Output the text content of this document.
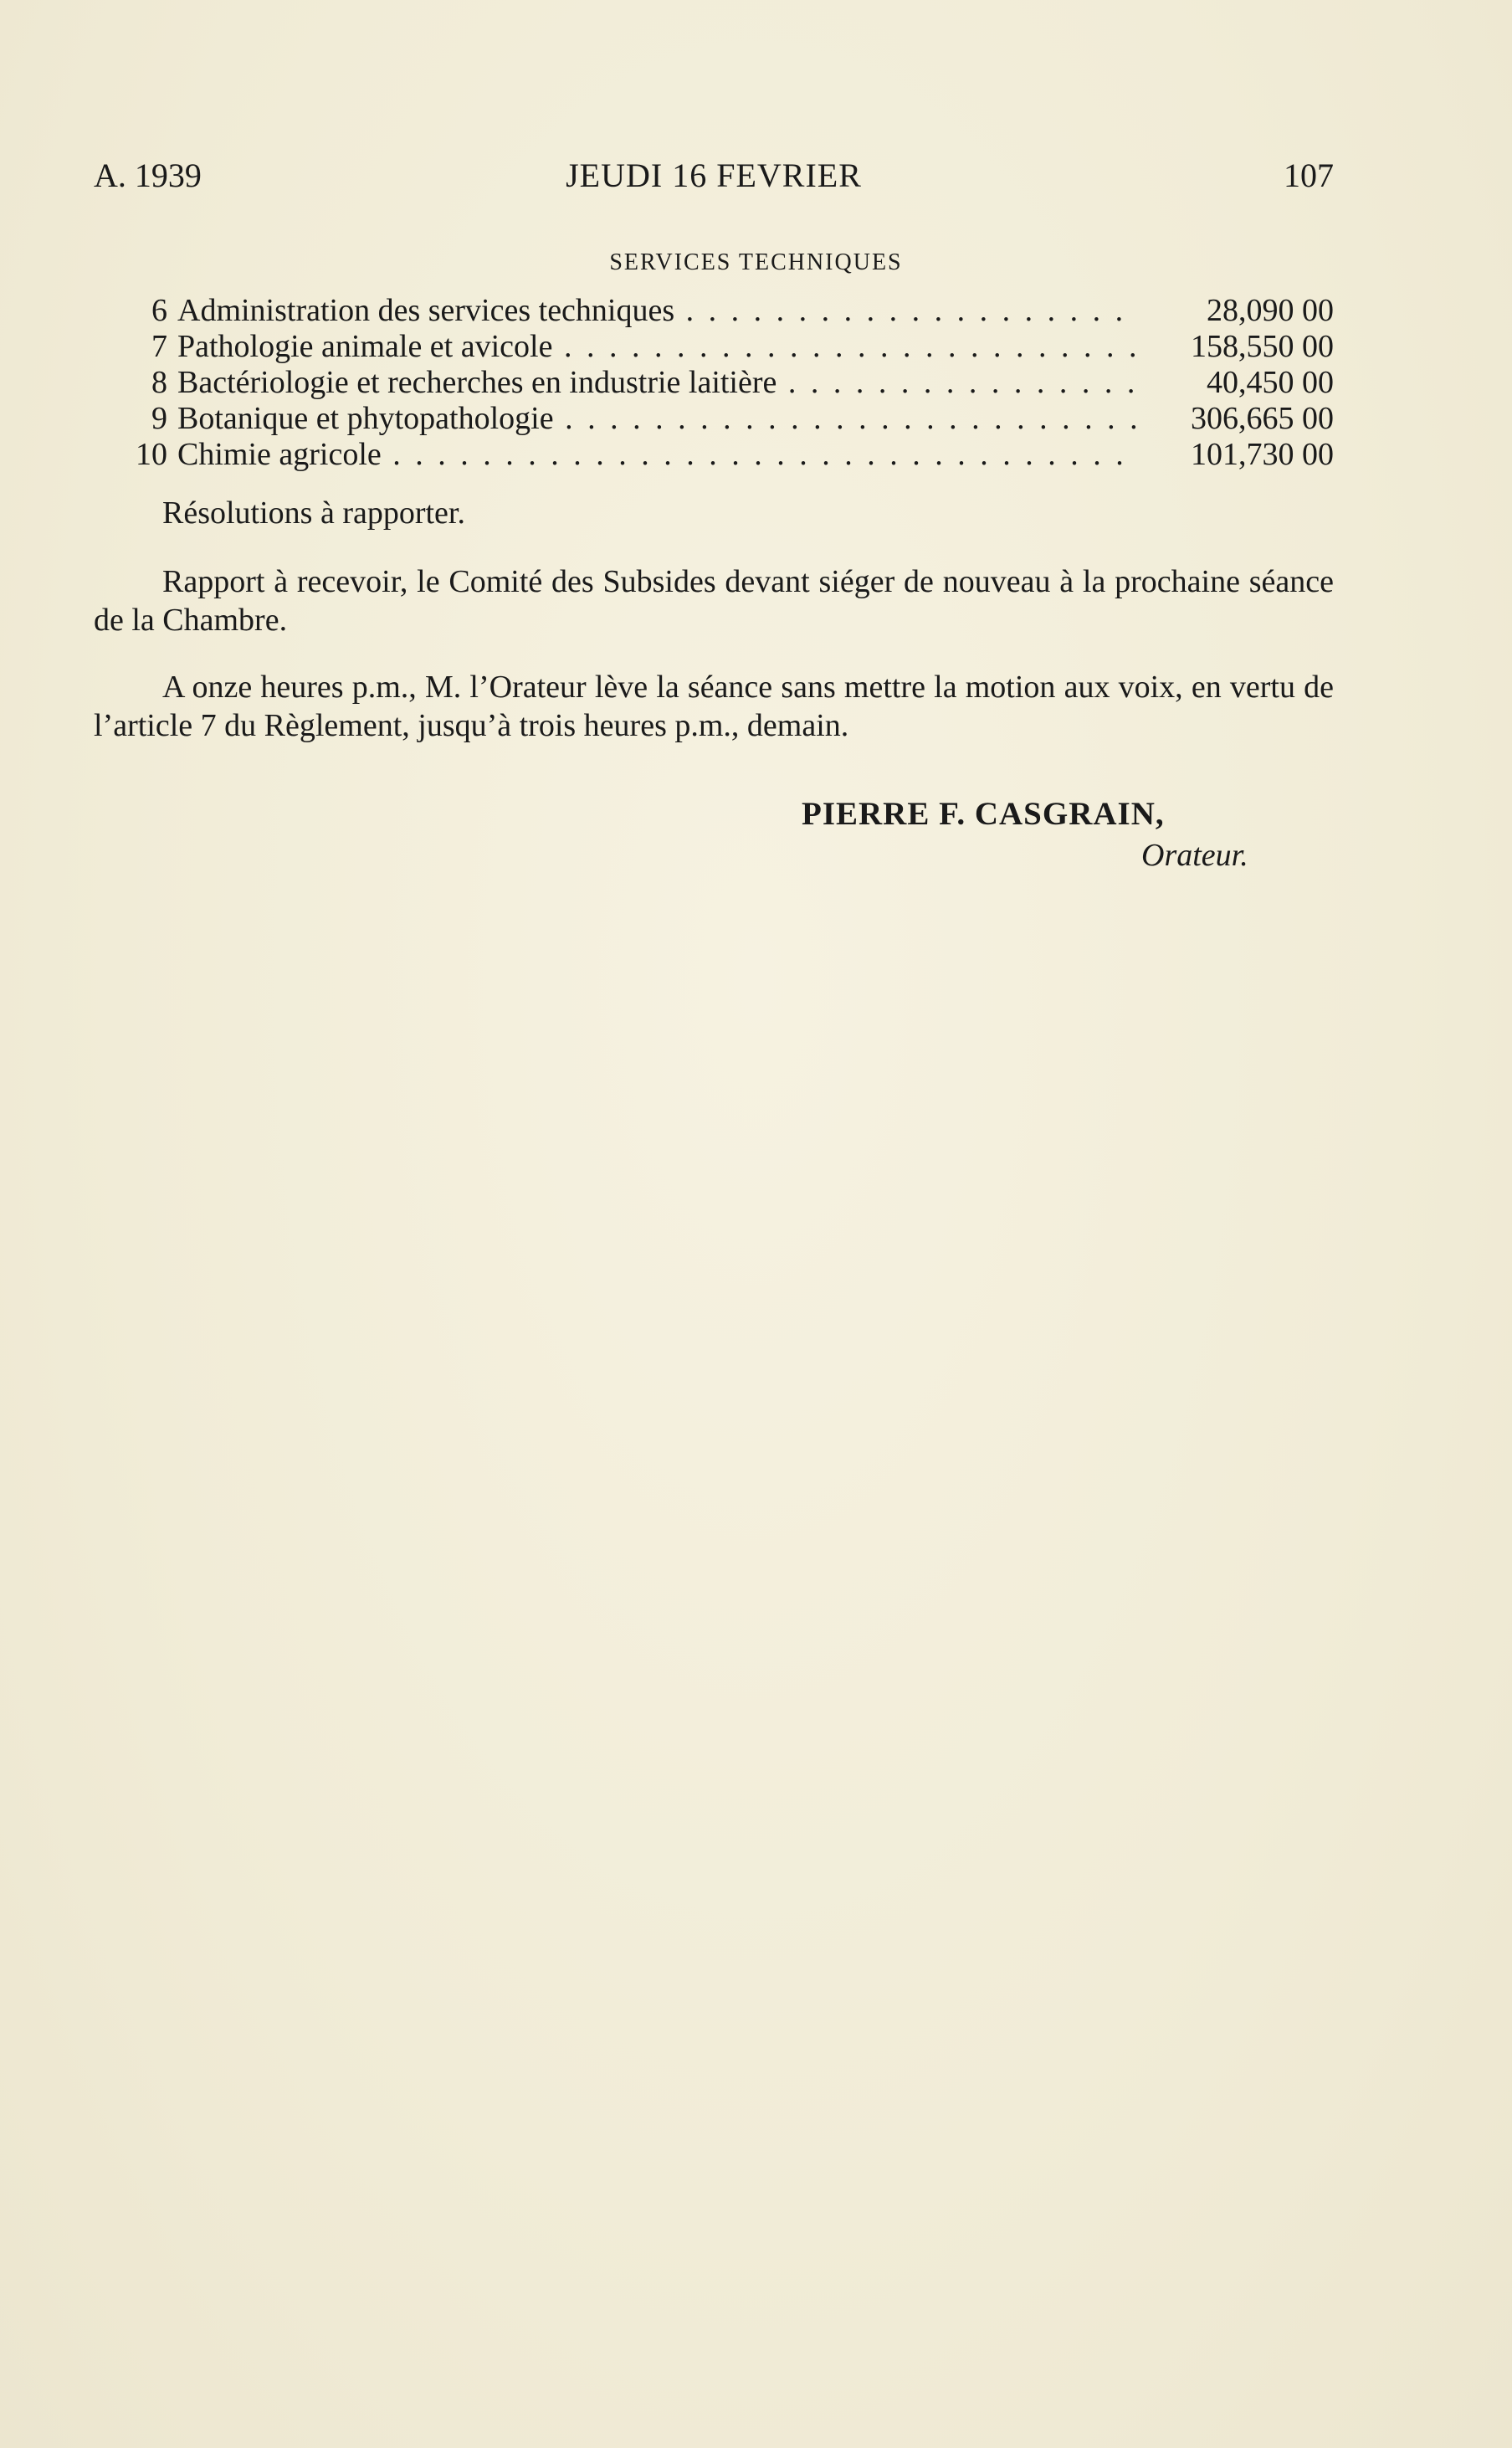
A. 1939	JEUDI 16 FEVRIER	107
SERVICES TECHNIQUES
6 Administration des services techniques . . .	28,090 00
7 Pathologie animale et avicole . . .	158,550 00
8 Bactériologie et recherches en industrie laitière . . .	40,450 00
9 Botanique et phytopathologie . . .	306,665 00
10 Chimie agricole . . .	101,730 00

Résolutions à rapporter.

Rapport à recevoir, le Comité des Subsides devant siéger de nouveau à la prochaine séance de la Chambre.

A onze heures p.m., M. l’Orateur lève la séance sans mettre la motion aux voix, en vertu de l’article 7 du Règlement, jusqu’à trois heures p.m., demain.

PIERRE F. CASGRAIN,
Orateur.
